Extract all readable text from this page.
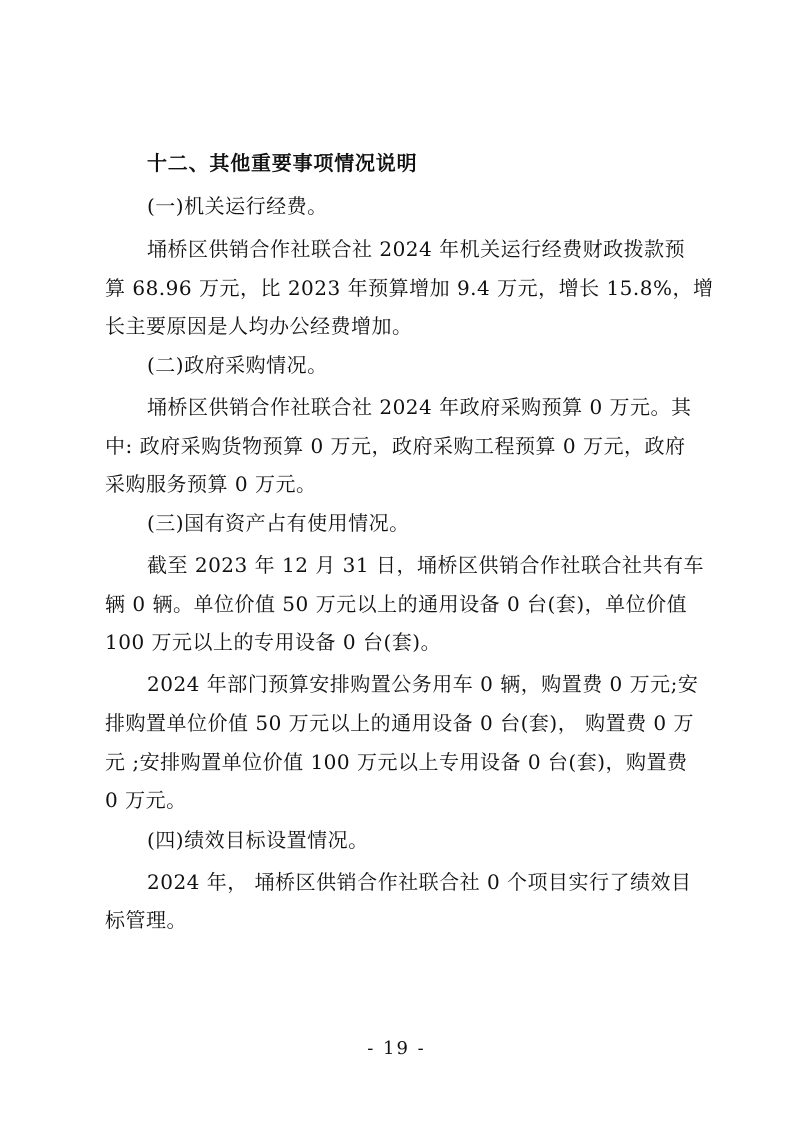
十二、其他重要事项情况说明
(一)机关运行经费。
埇桥区供销合作社联合社 2024 年机关运行经费财政拨款预
算 68.96 万元，比 2023 年预算增加 9.4 万元，增长 15.8%，增
长主要原因是人均办公经费增加。
(二)政府采购情况。
埇桥区供销合作社联合社 2024 年政府采购预算 0 万元。其
中: 政府采购货物预算 0 万元，政府采购工程预算 0 万元，政府
采购服务预算 0 万元。
(三)国有资产占有使用情况。
截至 2023 年 12 月 31 日，埇桥区供销合作社联合社共有车
辆 0 辆。单位价值 50 万元以上的通用设备 0 台(套)，单位价值
100 万元以上的专用设备 0 台(套)。
2024 年部门预算安排购置公务用车 0 辆，购置费 0 万元;安
排购置单位价值 50 万元以上的通用设备 0 台(套)， 购置费 0 万
元 ;安排购置单位价值 100 万元以上专用设备 0 台(套)，购置费
0 万元。
(四)绩效目标设置情况。
2024 年， 埇桥区供销合作社联合社 0 个项目实行了绩效目
标管理。
- 19 -
